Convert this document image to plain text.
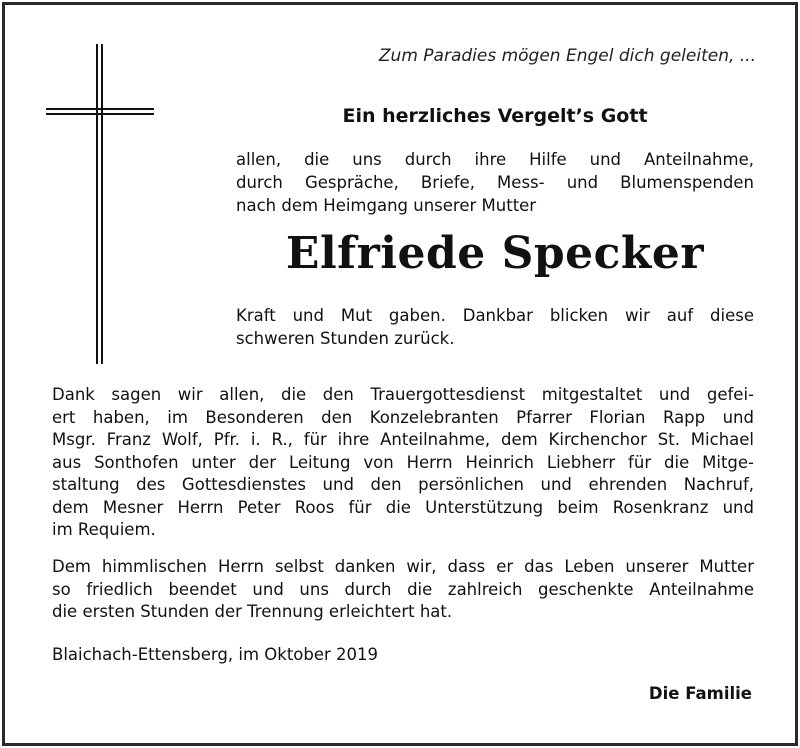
Zum Paradies mögen Engel dich geleiten, ...
Ein herzliches Vergelt’s Gott
allen, die uns durch ihre Hilfe und Anteilnahme,
durch Gespräche, Briefe, Mess- und Blumenspenden
nach dem Heimgang unserer Mutter
Elfriede Specker
Kraft und Mut gaben. Dankbar blicken wir auf diese
schweren Stunden zurück.
Dank sagen wir allen, die den Trauergottesdienst mitgestaltet und gefei-
ert haben, im Besonderen den Konzelebranten Pfarrer Florian Rapp und
Msgr. Franz Wolf, Pfr. i. R., für ihre Anteilnahme, dem Kirchenchor St. Michael
aus Sonthofen unter der Leitung von Herrn Heinrich Liebherr für die Mitge-
staltung des Gottesdienstes und den persönlichen und ehrenden Nachruf,
dem Mesner Herrn Peter Roos für die Unterstützung beim Rosenkranz und
im Requiem.
Dem himmlischen Herrn selbst danken wir, dass er das Leben unserer Mutter
so friedlich beendet und uns durch die zahlreich geschenkte Anteilnahme
die ersten Stunden der Trennung erleichtert hat.
Blaichach-Ettensberg, im Oktober 2019
Die Familie
